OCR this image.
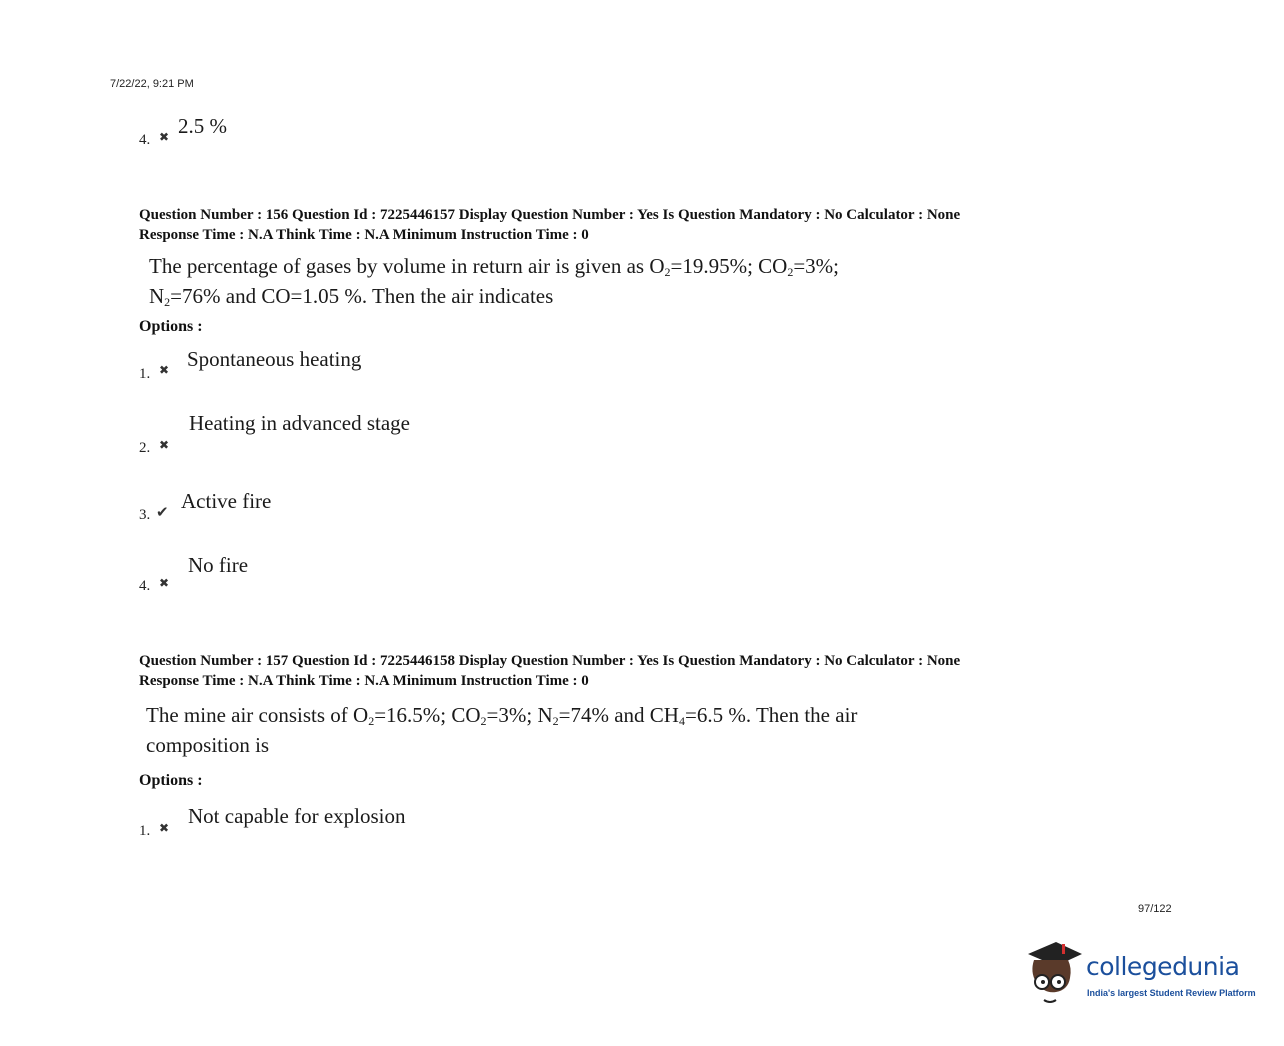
7/22/22, 9:21 PM
4. ✖ 2.5 %
Question Number : 156 Question Id : 7225446157 Display Question Number : Yes Is Question Mandatory : No Calculator : None
Response Time : N.A Think Time : N.A Minimum Instruction Time : 0
The percentage of gases by volume in return air is given as $O_2=19.95\%$; $CO_2=3\%$;
$N_2=76\%$ and CO=1.05 %. Then the air indicates
Options :
1. ✖ Spontaneous heating
2. ✖
Heating in advanced stage
3. ✔ Active fire
4. ✖
No fire
Question Number : 157 Question Id : 7225446158 Display Question Number : Yes Is Question Mandatory : No Calculator : None
Response Time : N.A Think Time : N.A Minimum Instruction Time : 0
The mine air consists of $O_2=16.5\%$; $CO_2=3\%$; $N_2=74\%$ and $CH_4=6.5$ %. Then the air
composition is
Options :
1. ✖ Not capable for explosion
97/122
collegedunia
India's largest Student Review Platform
